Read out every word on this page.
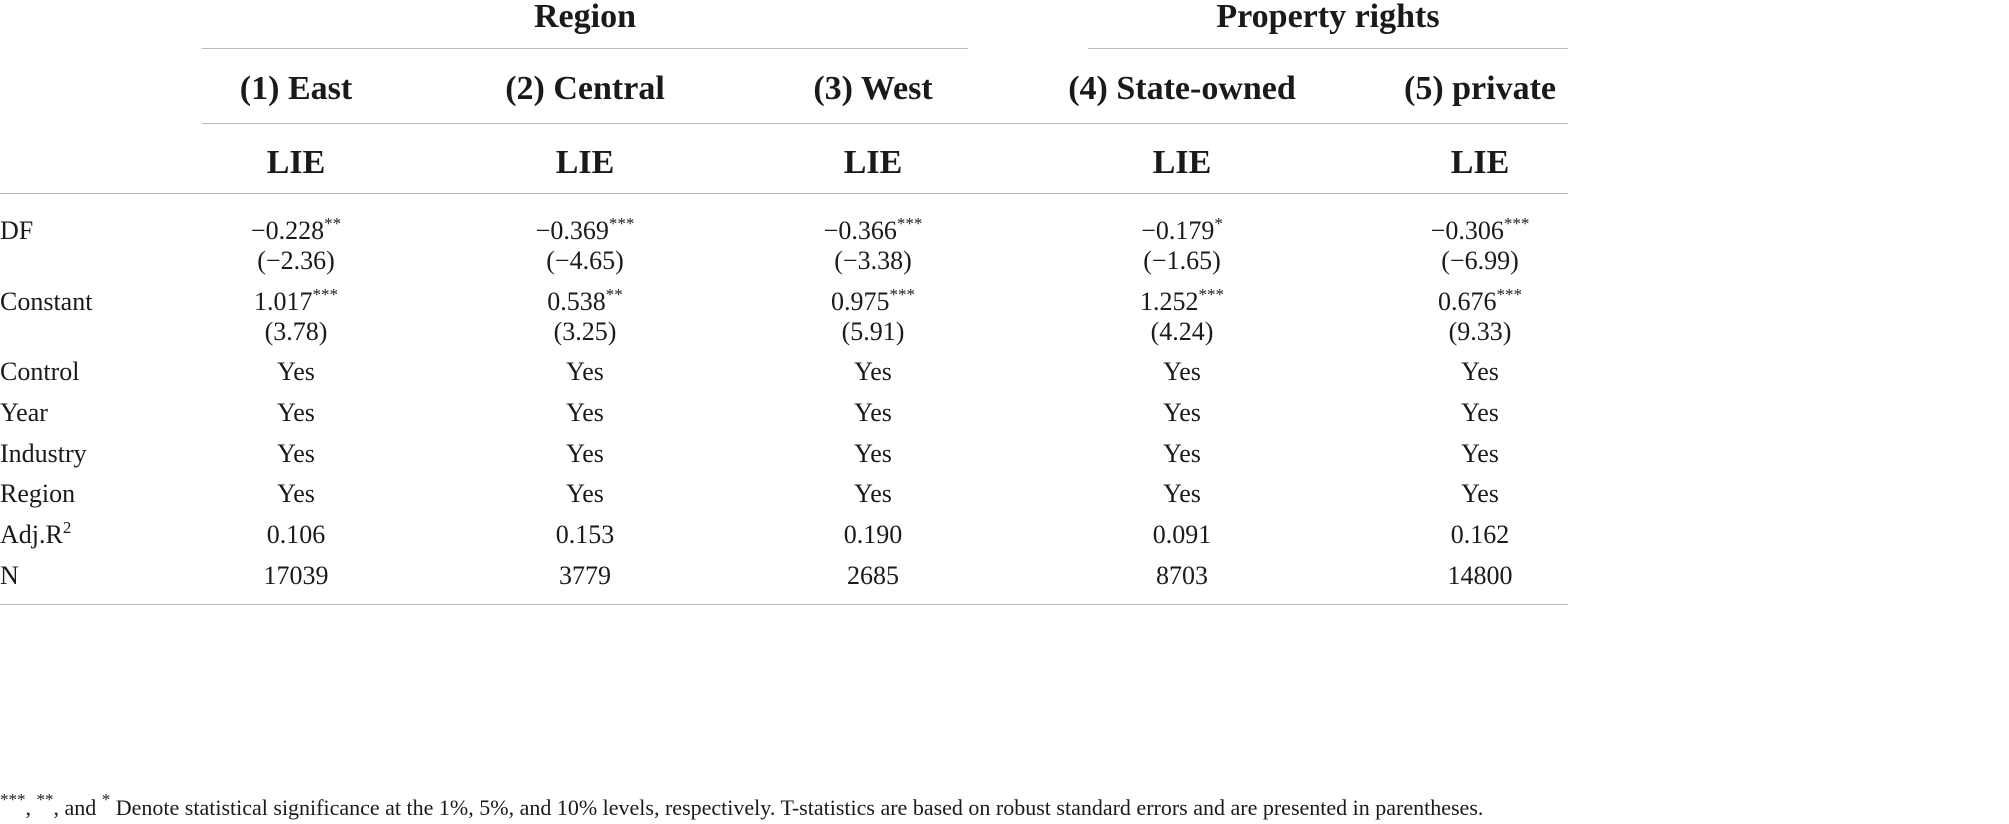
Region	Property rights
(1) East	(2) Central	(3) West	(4) State-owned	(5) private
LIE	LIE	LIE	LIE	LIE
DF	−0.228**	−0.369***	−0.366***	−0.179*	−0.306***
(−2.36)	(−4.65)	(−3.38)	(−1.65)	(−6.99)
Constant	1.017***	0.538**	0.975***	1.252***	0.676***
(3.78)	(3.25)	(5.91)	(4.24)	(9.33)
Control	Yes	Yes	Yes	Yes	Yes
Year	Yes	Yes	Yes	Yes	Yes
Industry	Yes	Yes	Yes	Yes	Yes
Region	Yes	Yes	Yes	Yes	Yes
$Adj.R^2$	0.106	0.153	0.190	0.091	0.162
N	17039	3779	2685	8703	14800
***, **, and * Denote statistical significance at the 1%, 5%, and 10% levels, respectively. T-statistics are based on robust standard errors and are presented in parentheses.
